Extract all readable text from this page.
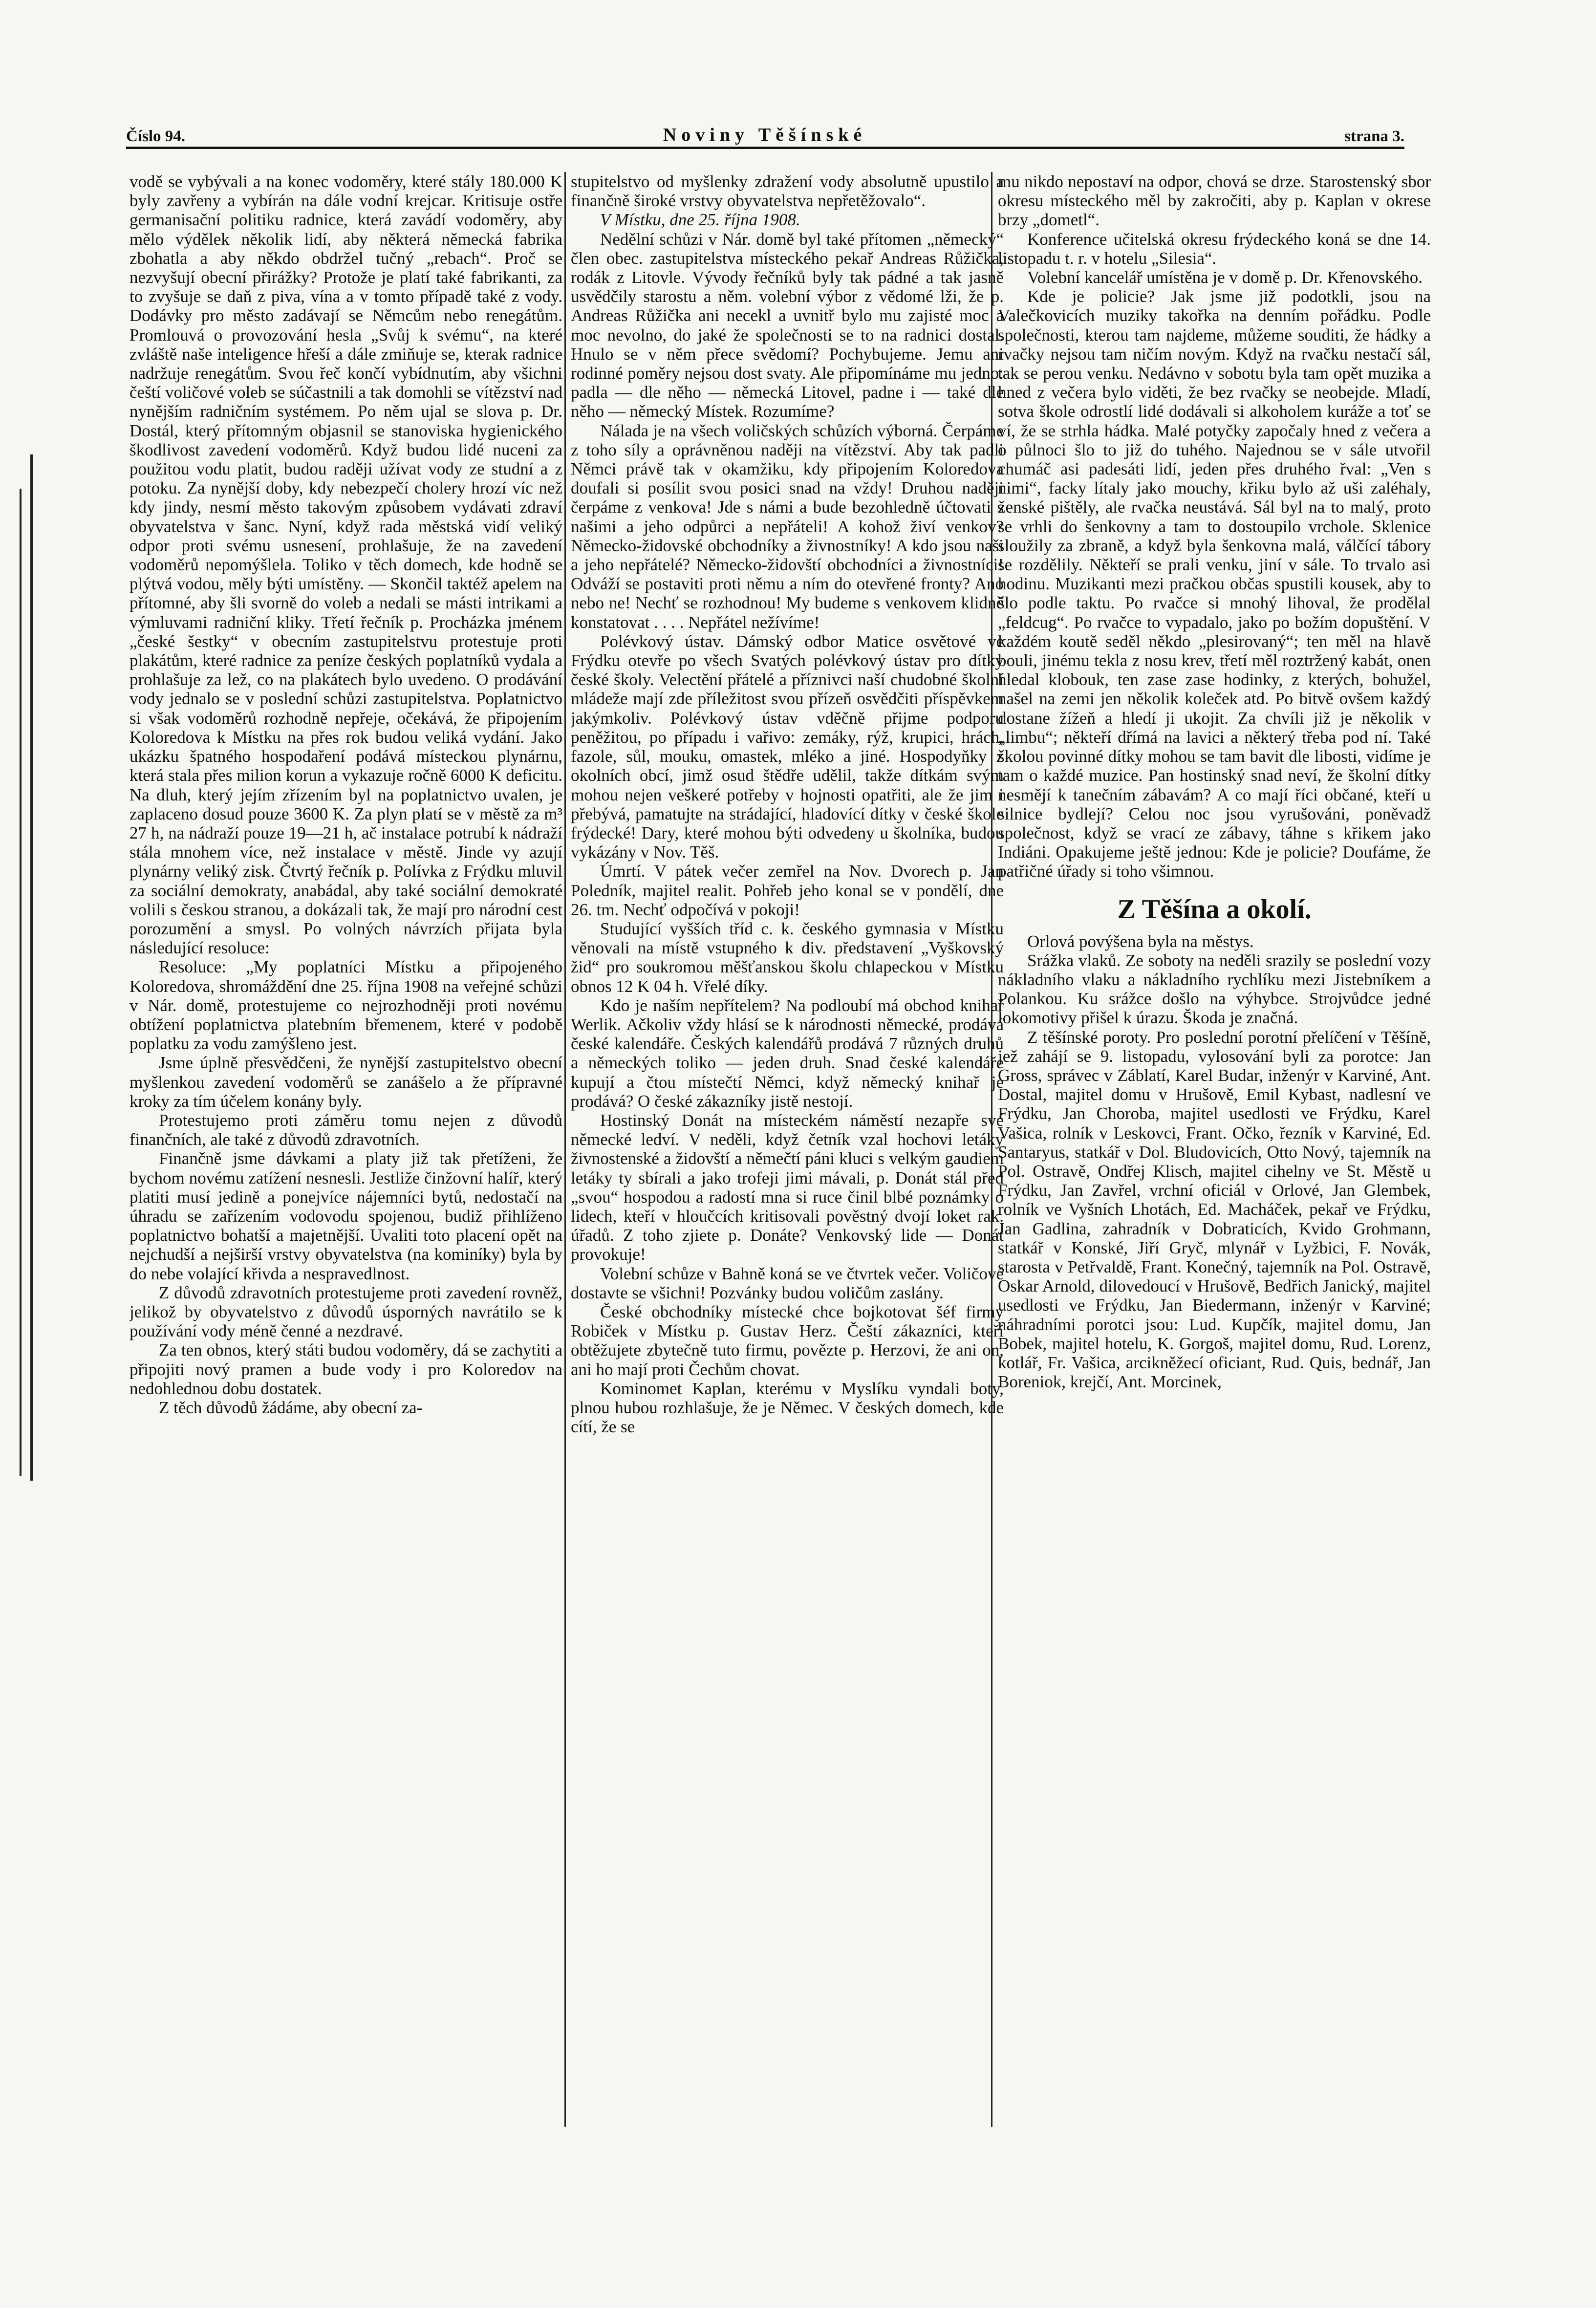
Číslo 94.	Noviny Těšínské	strana 3.

vodě se vybývali a na konec vodoměry, které stály 180.000 K byly zavřeny a vybírán na dále vodní krejcar. Kritisuje ostře germanisační politiku radnice, která zavádí vodoměry, aby mělo výdělek několik lidí, aby některá německá fabrika zbohatla a aby někdo obdržel tučný „rebach“. Proč se nezvyšují obecní přirážky? Protože je platí také fabrikanti, za to zvyšuje se daň z piva, vína a v tomto případě také z vody. Dodávky pro město zadávají se Němcům nebo renegátům. Promlouvá o provozování hesla „Svůj k svému“, na které zvláště naše inteligence hřeší a dále zmiňuje se, kterak radnice nadržuje renegátům. Svou řeč končí vybídnutím, aby všichni čeští voličové voleb se súčastnili a tak domohli se vítězství nad nynějším radničním systémem. Po něm ujal se slova p. Dr. Dostál, který přítomným objasnil se stanoviska hygienického škodlivost zavedení vodoměrů. Když budou lidé nuceni za použitou vodu platit, budou raději užívat vody ze studní a z potoku. Za nynější doby, kdy nebezpečí cholery hrozí víc než kdy jindy, nesmí město takovým způsobem vydávati zdraví obyvatelstva v šanc. Nyní, když rada městská vidí veliký odpor proti svému usnesení, prohlašuje, že na zavedení vodoměrů nepomýšlela. Toliko v těch domech, kde hodně se plýtvá vodou, měly býti umístěny. — Skončil taktéž apelem na přítomné, aby šli svorně do voleb a nedali se másti intrikami a výmluvami radniční kliky. Třetí řečník p. Procházka jménem „české šestky“ v obecním zastupitelstvu protestuje proti plakátům, které radnice za peníze českých poplatníků vydala a prohlašuje za lež, co na plakátech bylo uvedeno. O prodávání vody jednalo se v poslední schůzi zastupitelstva. Poplatnictvo si však vodoměrů rozhodně nepřeje, očekává, že připojením Koloredova k Místku na přes rok budou veliká vydání. Jako ukázku špatného hospodaření podává místeckou plynárnu, která stala přes milion korun a vykazuje ročně 6000 K deficitu. Na dluh, který jejím zřízením byl na poplatnictvo uvalen, je zaplaceno dosud pouze 3600 K. Za plyn platí se v městě za m³ 27 h, na nádraží pouze 19—21 h, ač instalace potrubí k nádraží stála mnohem více, než instalace v městě. Jinde vy azují plynárny veliký zisk. Čtvrtý řečník p. Polívka z Frýdku mluvil za sociální demokraty, anabádal, aby také sociální demokraté volili s českou stranou, a dokázali tak, že mají pro národní cest porozumění a smysl. Po volných návrzích přijata byla následující resoluce:

Resoluce: „My poplatníci Místku a připojeného Koloredova, shromáždění dne 25. října 1908 na veřejné schůzi v Nár. domě, protestujeme co nejrozhodněji proti novému obtížení poplatnictva platebním břemenem, které v podobě poplatku za vodu zamýšleno jest.

Jsme úplně přesvědčeni, že nynější zastupitelstvo obecní myšlenkou zavedení vodoměrů se zanášelo a že přípravné kroky za tím účelem konány byly.

Protestujemo proti záměru tomu nejen z důvodů finančních, ale také z důvodů zdravotních.

Finančně jsme dávkami a platy již tak přetíženi, že bychom novému zatížení nesnesli. Jestliže činžovní halíř, který platiti musí jedině a ponejvíce nájemníci bytů, nedostačí na úhradu se zařízením vodovodu spojenou, budiž přihlíženo poplatnictvo bohatší a majetnější. Uvaliti toto placení opět na nejchudší a nejširší vrstvy obyvatelstva (na kominíky) byla by do nebe volající křivda a nespravedlnost.

Z důvodů zdravotních protestujeme proti zavedení rovněž, jelikož by obyvatelstvo z důvodů úsporných navrátilo se k používání vody méně čenné a nezdravé.

Za ten obnos, který státi budou vodoměry, dá se zachytiti a připojiti nový pramen a bude vody i pro Koloredov na nedohlednou dobu dostatek.

Z těch důvodů žádáme, aby obecní za-

stupitelstvo od myšlenky zdražení vody absolutně upustilo a finančně široké vrstvy obyvatelstva nepřetěžovalo“.

V Místku, dne 25. října 1908.

Nedělní schůzi v Nár. domě byl také přítomen „německý“ člen obec. zastupitelstva místeckého pekař Andreas Růžička, rodák z Litovle. Vývody řečníků byly tak pádné a tak jasně usvědčily starostu a něm. volební výbor z vědomé lži, že p. Andreas Růžička ani necekl a uvnitř bylo mu zajisté moc a moc nevolno, do jaké že společnosti se to na radnici dostal. Hnulo se v něm přece svědomí? Pochybujeme. Jemu ani rodinné poměry nejsou dost svaty. Ale připomínáme mu jedno: padla — dle něho — německá Litovel, padne i — také dle něho — německý Místek. Rozumíme?

Nálada je na všech voličských schůzích výborná. Čerpáme z toho síly a oprávněnou naději na vítězství. Aby tak padli Němci právě tak v okamžiku, kdy připojením Koloredova doufali si posílit svou posici snad na vždy! Druhou naději čerpáme z venkova! Jde s námi a bude bezohledně účtovati s našimi a jeho odpůrci a nepřáteli! A kohož živí venkov? Německo-židovské obchodníky a živnostníky! A kdo jsou naši a jeho nepřátelé? Německo-židovští obchodníci a živnostníci! Odváží se postaviti proti němu a ním do otevřené fronty? Ano nebo ne! Nechť se rozhodnou! My budeme s venkovem klidně konstatovat . . . . Nepřátel nežívíme!

Polévkový ústav. Dámský odbor Matice osvětové ve Frýdku otevře po všech Svatých polévkový ústav pro dítky české školy. Velectění přátelé a příznivci naší chudobné školní mládeže mají zde příležitost svou přízeň osvědčiti příspěvkem jakýmkoliv. Polévkový ústav vděčně přijme podporu peněžitou, po případu i vařivo: zemáky, rýž, krupici, hrách, fazole, sůl, mouku, omastek, mléko a jiné. Hospodyňky z okolních obcí, jimž osud štědře udělil, takže dítkám svým mohou nejen veškeré potřeby v hojnosti opatřiti, ale že jim i přebývá, pamatujte na strádající, hladovící dítky v české škole frýdecké! Dary, které mohou býti odvedeny u školníka, budou vykázány v Nov. Těš.

Úmrtí. V pátek večer zemřel na Nov. Dvorech p. Jan Poledník, majitel realit. Pohřeb jeho konal se v pondělí, dne 26. tm. Nechť odpočívá v pokoji!

Studující vyšších tříd c. k. českého gymnasia v Místku věnovali na místě vstupného k div. představení „Vyškovský žid“ pro soukromou měšťanskou školu chlapeckou v Místku obnos 12 K 04 h. Vřelé díky.

Kdo je naším nepřítelem? Na podloubí má obchod knihař Werlik. Ačkoliv vždy hlásí se k národnosti německé, prodává české kalendáře. Českých kalendářů prodává 7 různých druhů a německých toliko — jeden druh. Snad české kalendáře kupují a čtou místečtí Němci, když německý knihař je prodává? O české zákazníky jistě nestojí.

Hostinský Donát na místeckém náměstí nezapře své německé ledví. V neděli, když četník vzal hochovi letáky živnostenské a židovští a němečtí páni kluci s velkým gaudiem letáky ty sbírali a jako trofeji jimi mávali, p. Donát stál před „svou“ hospodou a radostí mna si ruce činil blbé poznámky o lidech, kteří v hloučcích kritisovali pověstný dvojí loket rak. úřadů. Z toho zjiete p. Donáte? Venkovský lide — Donát provokuje!

Volební schůze v Bahně koná se ve čtvrtek večer. Voličové dostavte se všichni! Pozvánky budou voličům zaslány.

České obchodníky místecké chce bojkotovat šéf firmy Robiček v Místku p. Gustav Herz. Čeští zákazníci, kteří obtěžujete zbytečně tuto firmu, povězte p. Herzovi, že ani on, ani ho mají proti Čechům chovat.

Kominomet Kaplan, kterému v Myslíku vyndali boty, plnou hubou rozhlašuje, že je Němec. V českých domech, kde cítí, že se

mu nikdo nepostaví na odpor, chová se drze. Starostenský sbor okresu místeckého měl by zakročiti, aby p. Kaplan v okrese brzy „dometl“.

Konference učitelská okresu frýdeckého koná se dne 14. listopadu t. r. v hotelu „Silesia“.

Volební kancelář umístěna je v domě p. Dr. Křenovského.

Kde je policie? Jak jsme již podotkli, jsou na Valečkovicích muziky takořka na denním pořádku. Podle společnosti, kterou tam najdeme, můžeme souditi, že hádky a rvačky nejsou tam ničím novým. Když na rvačku nestačí sál, tak se perou venku. Nedávno v sobotu byla tam opět muzika a hned z večera bylo viděti, že bez rvačky se neobejde. Mladí, sotva škole odrostlí lidé dodávali si alkoholem kuráže a toť se ví, že se strhla hádka. Malé potyčky započaly hned z večera a o půlnoci šlo to již do tuhého. Najednou se v sále utvořil chumáč asi padesáti lidí, jeden přes druhého řval: „Ven s nimi“, facky lítaly jako mouchy, křiku bylo až uši zaléhaly, ženské pištěly, ale rvačka neustává. Sál byl na to malý, proto se vrhli do šenkovny a tam to dostoupilo vrchole. Sklenice sloužily za zbraně, a když byla šenkovna malá, válčící tábory se rozdělily. Někteří se prali venku, jiní v sále. To trvalo asi hodinu. Muzikanti mezi pračkou občas spustili kousek, aby to šlo podle taktu. Po rvačce si mnohý lihoval, že prodělal „feldcug“. Po rvačce to vypadalo, jako po božím dopuštění. V každém koutě seděl někdo „plesirovaný“; ten měl na hlavě bouli, jinému tekla z nosu krev, třetí měl roztržený kabát, onen hledal klobouk, ten zase zase hodinky, z kterých, bohužel, našel na zemi jen několik koleček atd. Po bitvě ovšem každý dostane žížeň a hledí ji ukojit. Za chvíli již je několik v „limbu“; někteří dřímá na lavici a některý třeba pod ní. Také školou povinné dítky mohou se tam bavit dle libosti, vidíme je tam o každé muzice. Pan hostinský snad neví, že školní dítky nesmějí k tanečním zábavám? A co mají říci občané, kteří u silnice bydlejí? Celou noc jsou vyrušováni, poněvadž společnost, když se vrací ze zábavy, táhne s křikem jako Indiáni. Opakujeme ještě jednou: Kde je policie? Doufáme, že patřičné úřady si toho všimnou.

Z Těšína a okolí.

Orlová povýšena byla na městys.

Srážka vlaků. Ze soboty na neděli srazily se poslední vozy nákladního vlaku a nákladního rychlíku mezi Jistebníkem a Polankou. Ku srážce došlo na výhybce. Strojvůdce jedné lokomotivy přišel k úrazu. Škoda je značná.

Z těšínské poroty. Pro poslední porotní přelíčení v Těšíně, jež zahájí se 9. listopadu, vylosování byli za porotce: Jan Gross, správec v Záblatí, Karel Budar, inženýr v Karviné, Ant. Dostal, majitel domu v Hrušově, Emil Kybast, nadlesní ve Frýdku, Jan Choroba, majitel usedlosti ve Frýdku, Karel Vašica, rolník v Leskovci, Frant. Očko, řezník v Karviné, Ed. Santaryus, statkář v Dol. Bludovicích, Otto Nový, tajemník na Pol. Ostravě, Ondřej Klisch, majitel cihelny ve St. Městě u Frýdku, Jan Zavřel, vrchní oficiál v Orlové, Jan Glembek, rolník ve Vyšních Lhotách, Ed. Macháček, pekař ve Frýdku, Jan Gadlina, zahradník v Dobraticích, Kvido Grohmann, statkář v Konské, Jiří Gryč, mlynář v Lyžbici, F. Novák, starosta v Petřvaldě, Frant. Konečný, tajemník na Pol. Ostravě, Oskar Arnold, dilovedoucí v Hrušově, Bedřich Janický, majitel usedlosti ve Frýdku, Jan Biedermann, inženýr v Karviné; náhradními porotci jsou: Lud. Kupčík, majitel domu, Jan Bobek, majitel hotelu, K. Gorgoš, majitel domu, Rud. Lorenz, kotlář, Fr. Vašica, arcikněžecí oficiant, Rud. Quis, bednář, Jan Boreniok, krejčí, Ant. Morcinek,
